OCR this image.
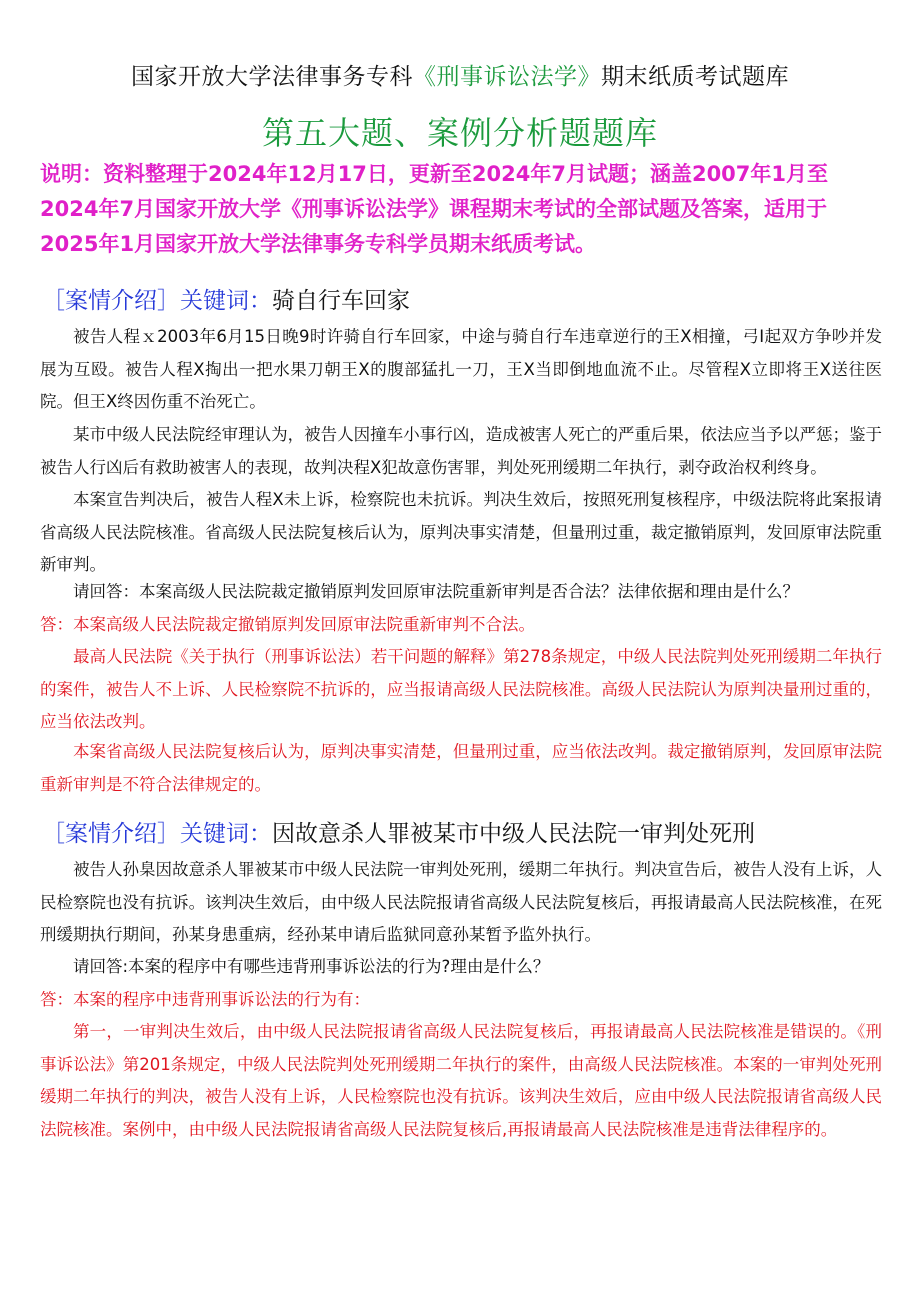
国家开放大学法律事务专科《刑事诉讼法学》期末纸质考试题库
第五大题、案例分析题题库
说明：资料整理于2024年12月17日，更新至2024年7月试题；涵盖2007年1月至2024年7月国家开放大学《刑事诉讼法学》课程期末考试的全部试题及答案，适用于2025年1月国家开放大学法律事务专科学员期末纸质考试。
［案情介绍］关键词：骑自行车回家

被告人程ｘ2003年6月15日晚9时许骑自行车回家，中途与骑自行车违章逆行的王X相撞，弓I起双方争吵并发展为互殴。被告人程X掏出一把水果刀朝王X的腹部猛扎一刀，王X当即倒地血流不止。尽管程X立即将王X送往医院。但王X终因伤重不治死亡。

某市中级人民法院经审理认为，被告人因撞车小事行凶，造成被害人死亡的严重后果，依法应当予以严惩；鉴于被告人行凶后有救助被害人的表现，故判决程X犯故意伤害罪，判处死刑缓期二年执行，剥夺政治权利终身。

本案宣告判决后，被告人程X未上诉，检察院也未抗诉。判决生效后，按照死刑复核程序，中级法院将此案报请省高级人民法院核准。省高级人民法院复核后认为，原判决事实清楚，但量刑过重，裁定撤销原判，发回原审法院重新审判。

请回答：本案高级人民法院裁定撤销原判发回原审法院重新审判是否合法？法律依据和理由是什么？

答：本案高级人民法院裁定撤销原判发回原审法院重新审判不合法。

最高人民法院《关于执行（刑事诉讼法）若干问题的解释》第278条规定，中级人民法院判处死刑缓期二年执行的案件，被告人不上诉、人民检察院不抗诉的，应当报请高级人民法院核准。高级人民法院认为原判决量刑过重的，应当依法改判。

本案省高级人民法院复核后认为，原判决事实清楚，但量刑过重，应当依法改判。裁定撤销原判，发回原审法院重新审判是不符合法律规定的。

［案情介绍］关键词：因故意杀人罪被某市中级人民法院一审判处死刑

被告人孙臬因故意杀人罪被某市中级人民法院一审判处死刑，缓期二年执行。判决宣告后，被告人没有上诉，人民检察院也没有抗诉。该判决生效后，由中级人民法院报请省高级人民法院复核后，再报请最高人民法院核准，在死刑缓期执行期间，孙某身患重病，经孙某申请后监狱同意孙某暂予监外执行。

请回答:本案的程序中有哪些违背刑事诉讼法的行为?理由是什么？

答：本案的程序中违背刑事诉讼法的行为有：

第一，一审判决生效后，由中级人民法院报请省高级人民法院复核后，再报请最高人民法院核准是错误的。《刑事诉讼法》第201条规定，中级人民法院判处死刑缓期二年执行的案件，由高级人民法院核准。本案的一审判处死刑缓期二年执行的判决，被告人没有上诉，人民检察院也没有抗诉。该判决生效后，应由中级人民法院报请省高级人民法院核准。案例中，由中级人民法院报请省高级人民法院复核后,再报请最高人民法院核准是违背法律程序的。
